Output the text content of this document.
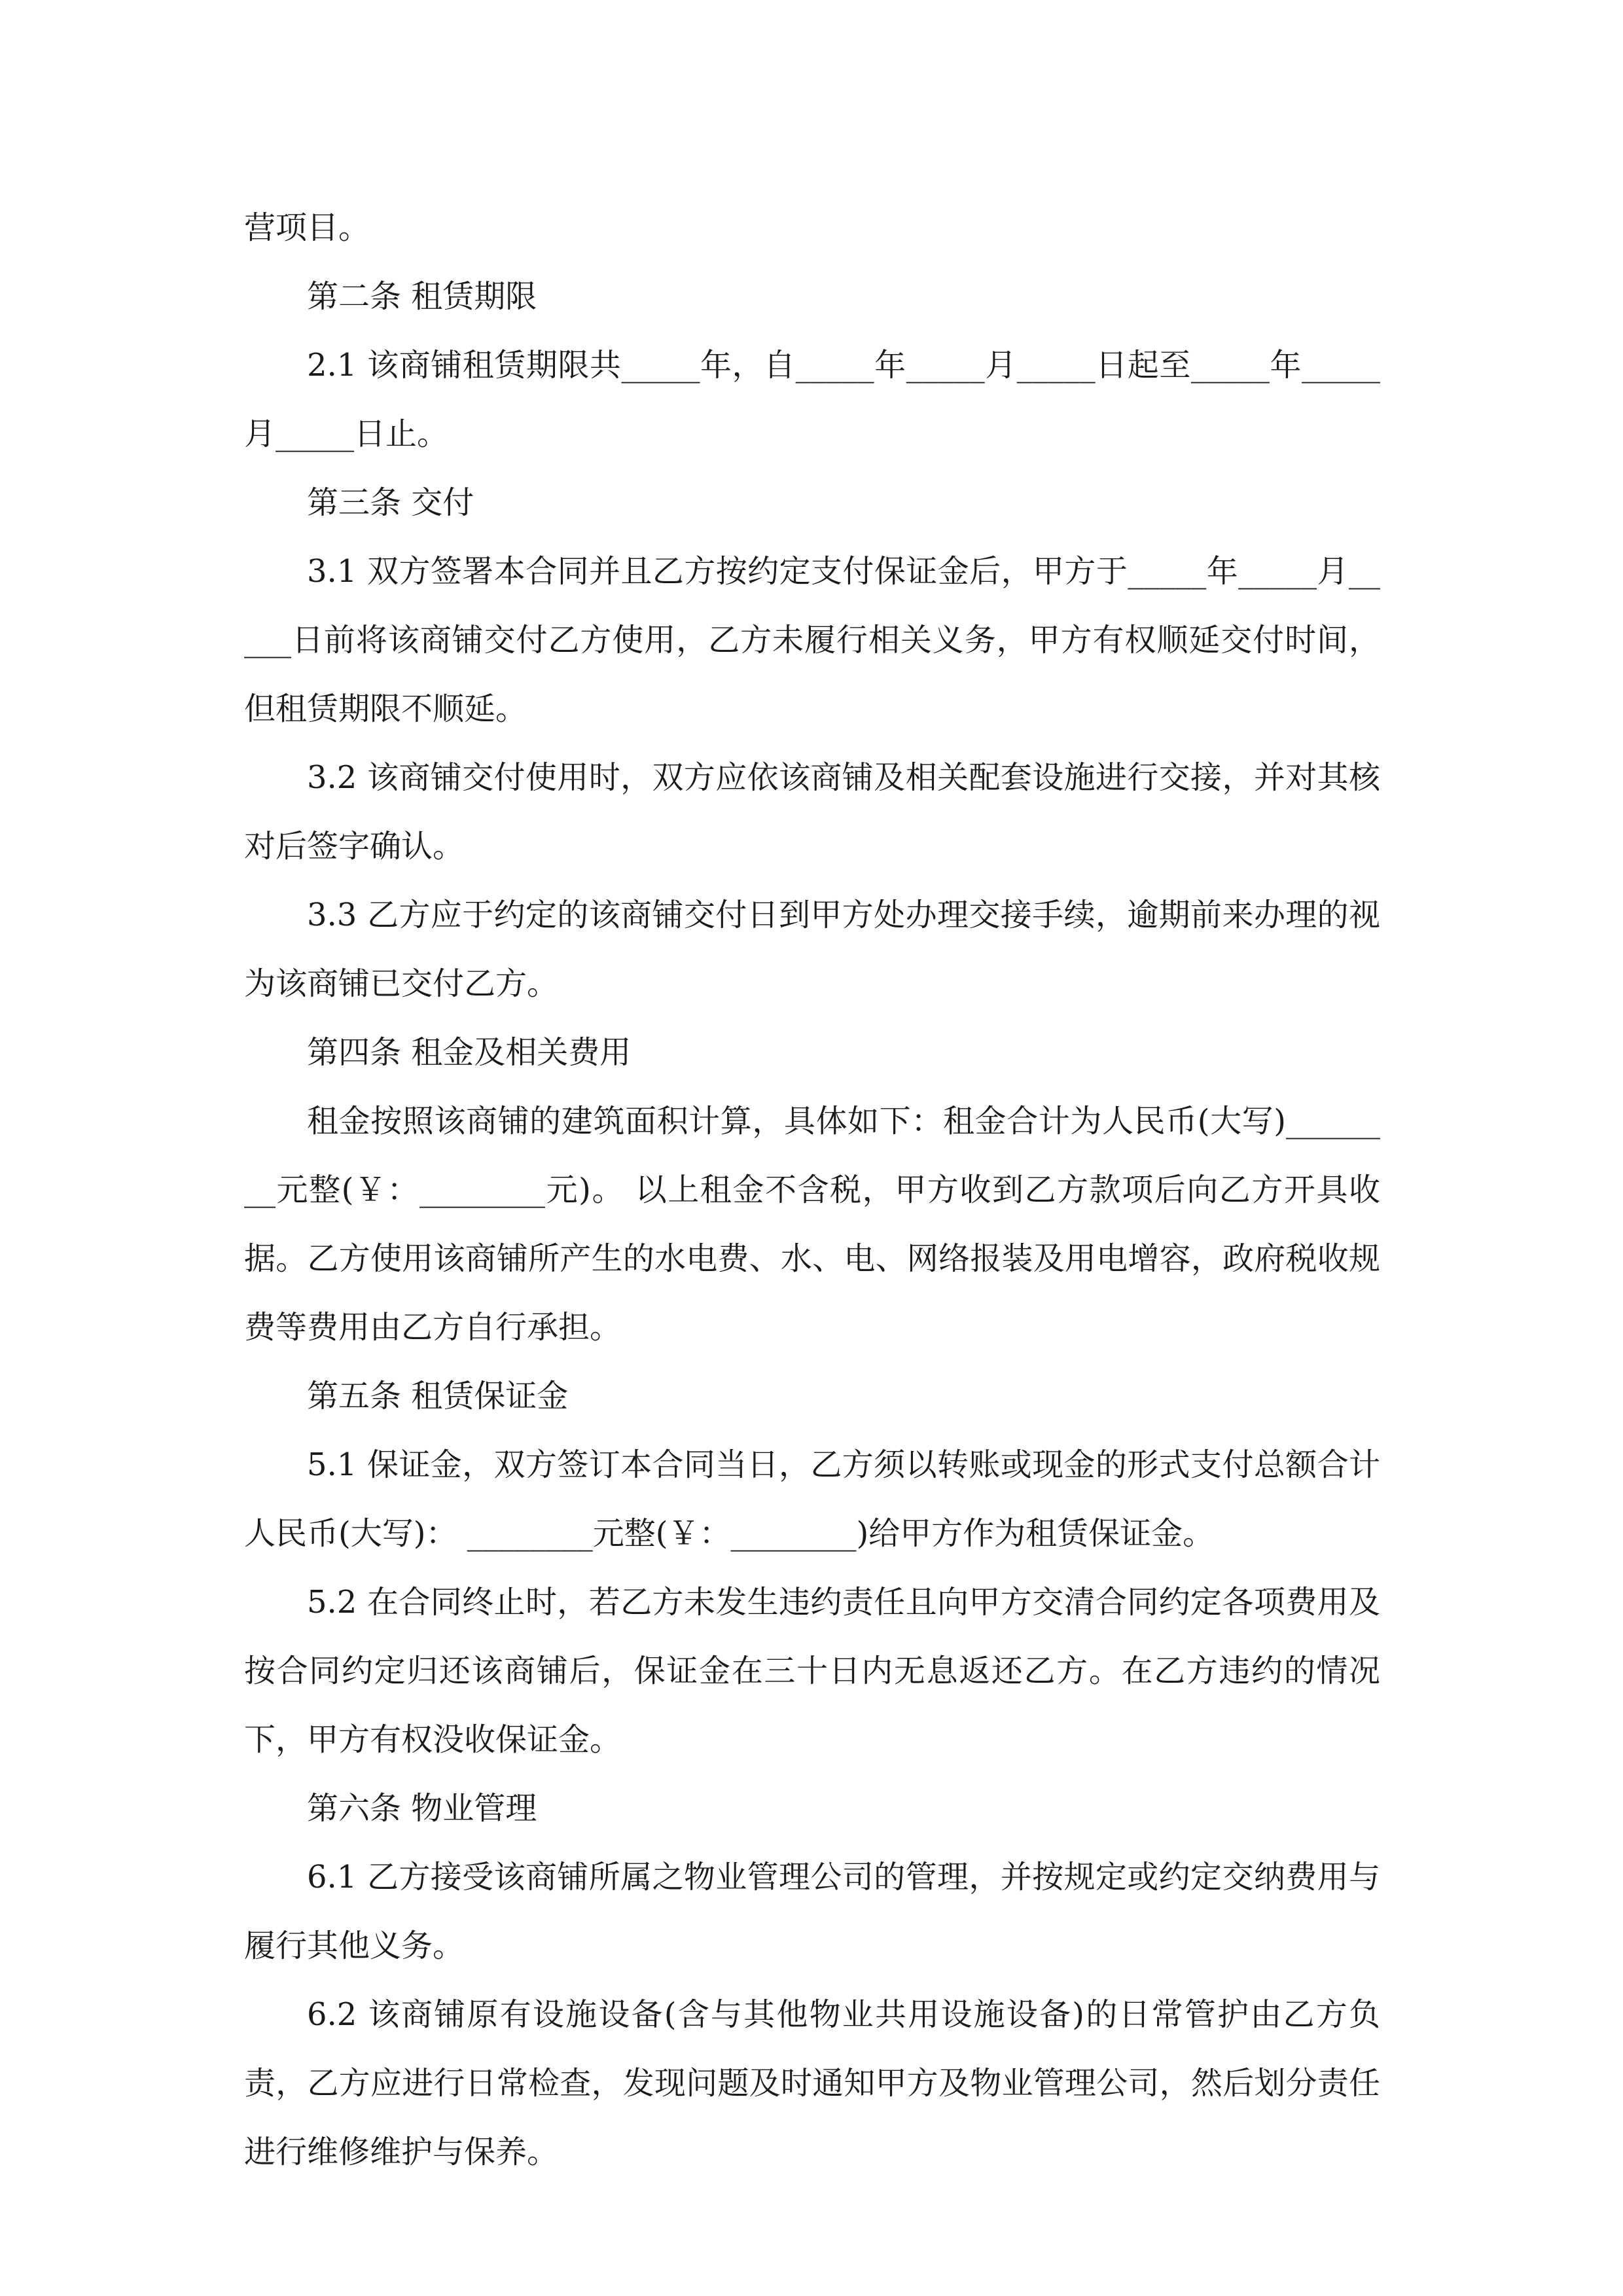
营项目。

第二条 租赁期限

2.1 该商铺租赁期限共_____年，自_____年_____月_____日起至_____年_____月_____日止。

第三条 交付

3.1 双方签署本合同并且乙方按约定支付保证金后，甲方于_____年_____月_____日前将该商铺交付乙方使用，乙方未履行相关义务，甲方有权顺延交付时间，但租赁期限不顺延。

3.2 该商铺交付使用时，双方应依该商铺及相关配套设施进行交接，并对其核对后签字确认。

3.3 乙方应于约定的该商铺交付日到甲方处办理交接手续，逾期前来办理的视为该商铺已交付乙方。

第四条 租金及相关费用

租金按照该商铺的建筑面积计算，具体如下：租金合计为人民币(大写)________元整(￥：________元)。 以上租金不含税，甲方收到乙方款项后向乙方开具收据。乙方使用该商铺所产生的水电费、水、电、网络报装及用电增容，政府税收规费等费用由乙方自行承担。

第五条 租赁保证金

5.1 保证金，双方签订本合同当日，乙方须以转账或现金的形式支付总额合计人民币(大写)： ________元整(￥：________)给甲方作为租赁保证金。

5.2 在合同终止时，若乙方未发生违约责任且向甲方交清合同约定各项费用及按合同约定归还该商铺后，保证金在三十日内无息返还乙方。在乙方违约的情况下，甲方有权没收保证金。

第六条 物业管理

6.1 乙方接受该商铺所属之物业管理公司的管理，并按规定或约定交纳费用与履行其他义务。

6.2 该商铺原有设施设备(含与其他物业共用设施设备)的日常管护由乙方负责，乙方应进行日常检查，发现问题及时通知甲方及物业管理公司，然后划分责任进行维修维护与保养。
